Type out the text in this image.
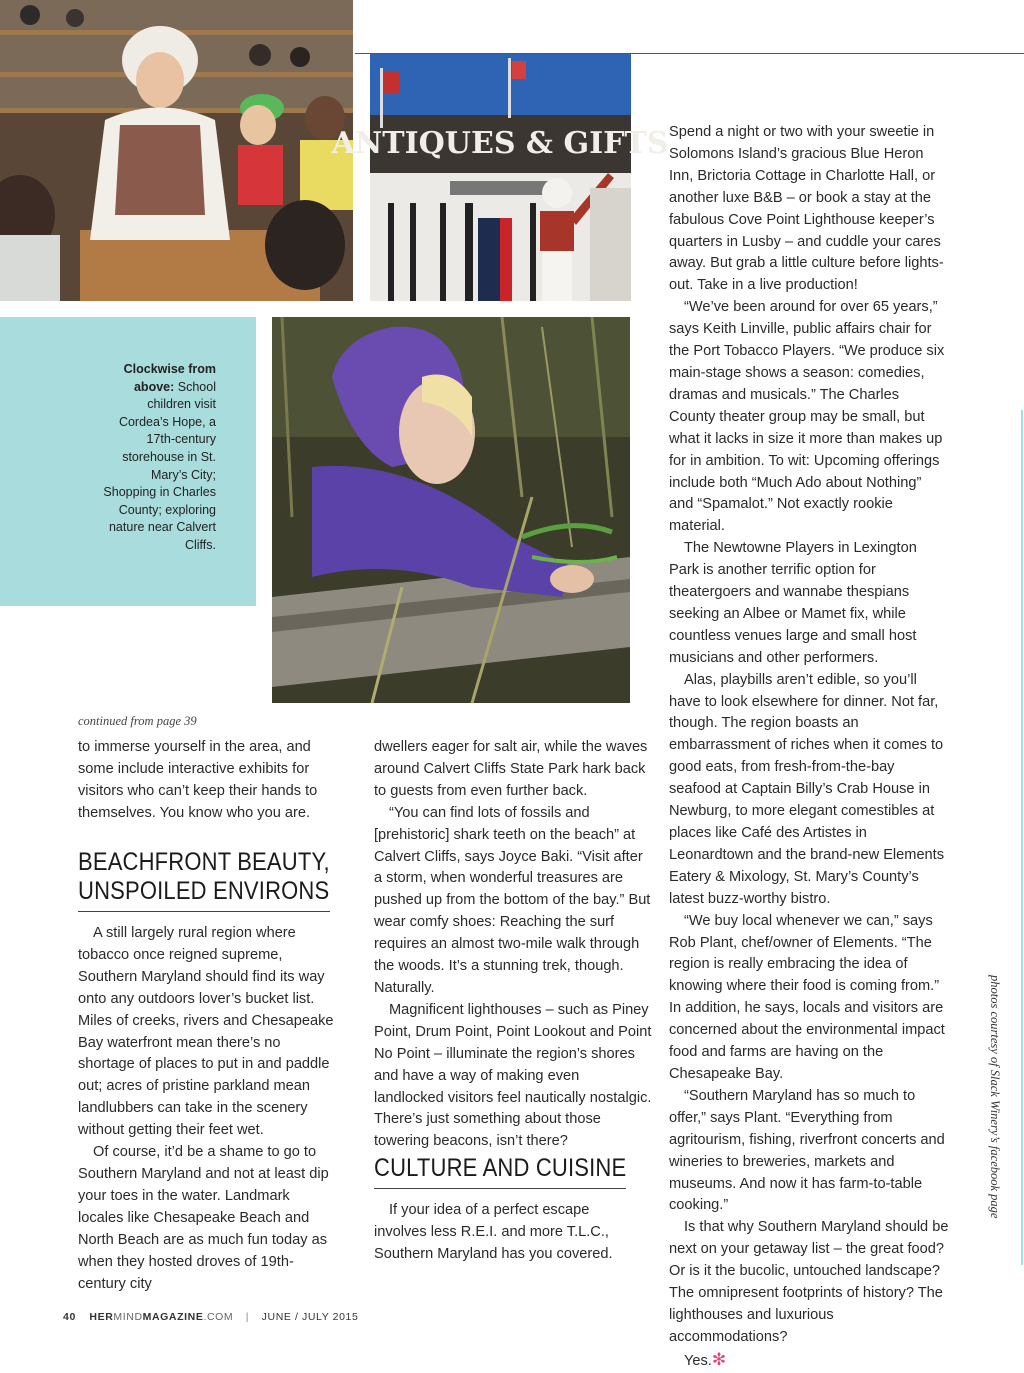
ANTIQUES & GIFTS
Clockwise from above: School children visit Cordea’s Hope, a 17th-century storehouse in St. Mary’s City; Shopping in Charles County; exploring nature near Calvert Cliffs.
continued from page 39

to immerse yourself in the area, and some include interactive exhibits for visitors who can’t keep their hands to themselves. You know who you are.

BEACHFRONT BEAUTY,
UNSPOILED ENVIRONS

A still largely rural region where tobacco once reigned supreme, Southern Maryland should find its way onto any outdoors lover’s bucket list. Miles of creeks, rivers and Chesapeake Bay waterfront mean there’s no shortage of places to put in and paddle out; acres of pristine parkland mean landlubbers can take in the scenery without getting their feet wet.

Of course, it’d be a shame to go to Southern Maryland and not at least dip your toes in the water. Landmark locales like Chesapeake Beach and North Beach are as much fun today as when they hosted droves of 19th-century city

dwellers eager for salt air, while the waves around Calvert Cliffs State Park hark back to guests from even further back.

“You can find lots of fossils and [prehistoric] shark teeth on the beach” at Calvert Cliffs, says Joyce Baki. “Visit after a storm, when wonderful treasures are pushed up from the bottom of the bay.” But wear comfy shoes: Reaching the surf requires an almost two-mile walk through the woods. It’s a stunning trek, though. Naturally.

Magnificent lighthouses – such as Piney Point, Drum Point, Point Lookout and Point No Point – illuminate the region’s shores and have a way of making even landlocked visitors feel nautically nostalgic. There’s just something about those towering beacons, isn’t there?

CULTURE AND CUISINE

If your idea of a perfect escape involves less R.E.I. and more T.L.C., Southern Maryland has you covered.

Spend a night or two with your sweetie in Solomons Island’s gracious Blue Heron Inn, Brictoria Cottage in Charlotte Hall, or another luxe B&B – or book a stay at the fabulous Cove Point Lighthouse keeper’s quarters in Lusby – and cuddle your cares away. But grab a little culture before lights-out. Take in a live production!

“We’ve been around for over 65 years,” says Keith Linville, public affairs chair for the Port Tobacco Players. “We produce six main-stage shows a season: comedies, dramas and musicals.” The Charles County theater group may be small, but what it lacks in size it more than makes up for in ambition. To wit: Upcoming offerings include both “Much Ado about Nothing” and “Spamalot.” Not exactly rookie material.

The Newtowne Players in Lexington Park is another terrific option for theatergoers and wannabe thespians seeking an Albee or Mamet fix, while countless venues large and small host musicians and other performers.

Alas, playbills aren’t edible, so you’ll have to look elsewhere for dinner. Not far, though. The region boasts an embarrassment of riches when it comes to good eats, from fresh-from-the-bay seafood at Captain Billy’s Crab House in Newburg, to more elegant comestibles at places like Café des Artistes in Leonardtown and the brand-new Elements Eatery & Mixology, St. Mary’s County’s latest buzz-worthy bistro.

“We buy local whenever we can,” says Rob Plant, chef/owner of Elements. “The region is really embracing the idea of knowing where their food is coming from.” In addition, he says, locals and visitors are concerned about the environmental impact food and farms are having on the Chesapeake Bay.

“Southern Maryland has so much to offer,” says Plant. “Everything from agritourism, fishing, riverfront concerts and wineries to breweries, markets and museums. And now it has farm-to-table cooking.”

Is that why Southern Maryland should be next on your getaway list – the great food? Or is it the bucolic, untouched landscape? The omnipresent footprints of history? The lighthouses and luxurious accommodations?

Yes.✻

photos courtesy of Slack Winery’s facebook page
40 HERMINDMAGAZINE.COM | JUNE / JULY 2015
